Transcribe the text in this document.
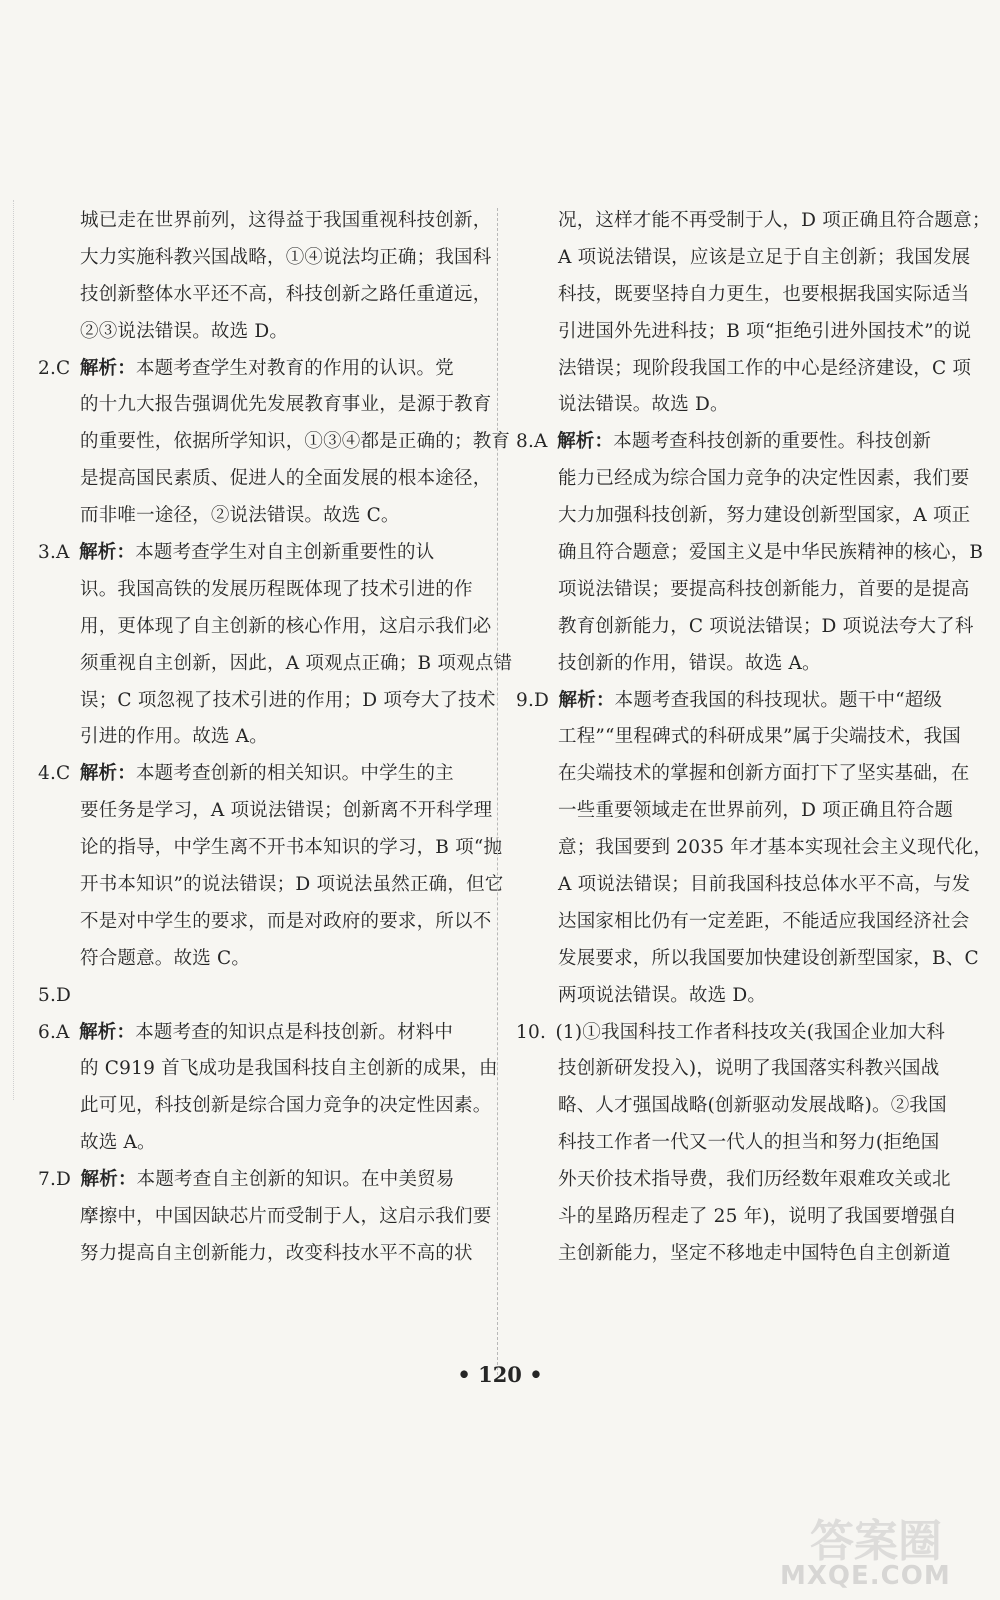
城已走在世界前列，这得益于我国重视科技创新，
大力实施科教兴国战略，①④说法均正确；我国科
技创新整体水平还不高，科技创新之路任重道远，
②③说法错误。故选 D。
2.C  解析：本题考查学生对教育的作用的认识。党
的十九大报告强调优先发展教育事业，是源于教育
的重要性，依据所学知识，①③④都是正确的；教育
是提高国民素质、促进人的全面发展的根本途径，
而非唯一途径，②说法错误。故选 C。
3.A  解析：本题考查学生对自主创新重要性的认
识。我国高铁的发展历程既体现了技术引进的作
用，更体现了自主创新的核心作用，这启示我们必
须重视自主创新，因此，A 项观点正确；B 项观点错
误；C 项忽视了技术引进的作用；D 项夸大了技术
引进的作用。故选 A。
4.C  解析：本题考查创新的相关知识。中学生的主
要任务是学习，A 项说法错误；创新离不开科学理
论的指导，中学生离不开书本知识的学习，B 项“抛
开书本知识”的说法错误；D 项说法虽然正确，但它
不是对中学生的要求，而是对政府的要求，所以不
符合题意。故选 C。
5.D 
6.A  解析：本题考查的知识点是科技创新。材料中
的 C919 首飞成功是我国科技自主创新的成果，由
此可见，科技创新是综合国力竞争的决定性因素。
故选 A。
7.D  解析：本题考查自主创新的知识。在中美贸易
摩擦中，中国因缺芯片而受制于人，这启示我们要
努力提高自主创新能力，改变科技水平不高的状
况，这样才能不再受制于人，D 项正确且符合题意；
A 项说法错误，应该是立足于自主创新；我国发展
科技，既要坚持自力更生，也要根据我国实际适当
引进国外先进科技；B 项“拒绝引进外国技术”的说
法错误；现阶段我国工作的中心是经济建设，C 项
说法错误。故选 D。
8.A  解析：本题考查科技创新的重要性。科技创新
能力已经成为综合国力竞争的决定性因素，我们要
大力加强科技创新，努力建设创新型国家，A 项正
确且符合题意；爱国主义是中华民族精神的核心，B
项说法错误；要提高科技创新能力，首要的是提高
教育创新能力，C 项说法错误；D 项说法夸大了科
技创新的作用，错误。故选 A。
9.D  解析：本题考查我国的科技现状。题干中“超级
工程”“里程碑式的科研成果”属于尖端技术，我国
在尖端技术的掌握和创新方面打下了坚实基础，在
一些重要领域走在世界前列，D 项正确且符合题
意；我国要到 2035 年才基本实现社会主义现代化，
A 项说法错误；目前我国科技总体水平不高，与发
达国家相比仍有一定差距，不能适应我国经济社会
发展要求，所以我国要加快建设创新型国家，B、C
两项说法错误。故选 D。
10.  (1)①我国科技工作者科技攻关(我国企业加大科
技创新研发投入)，说明了我国落实科教兴国战
略、人才强国战略(创新驱动发展战略)。②我国
科技工作者一代又一代人的担当和努力(拒绝国
外天价技术指导费，我们历经数年艰难攻关或北
斗的星路历程走了 25 年)，说明了我国要增强自
主创新能力，坚定不移地走中国特色自主创新道
• 120 •
答案圈
MXQE.COM
